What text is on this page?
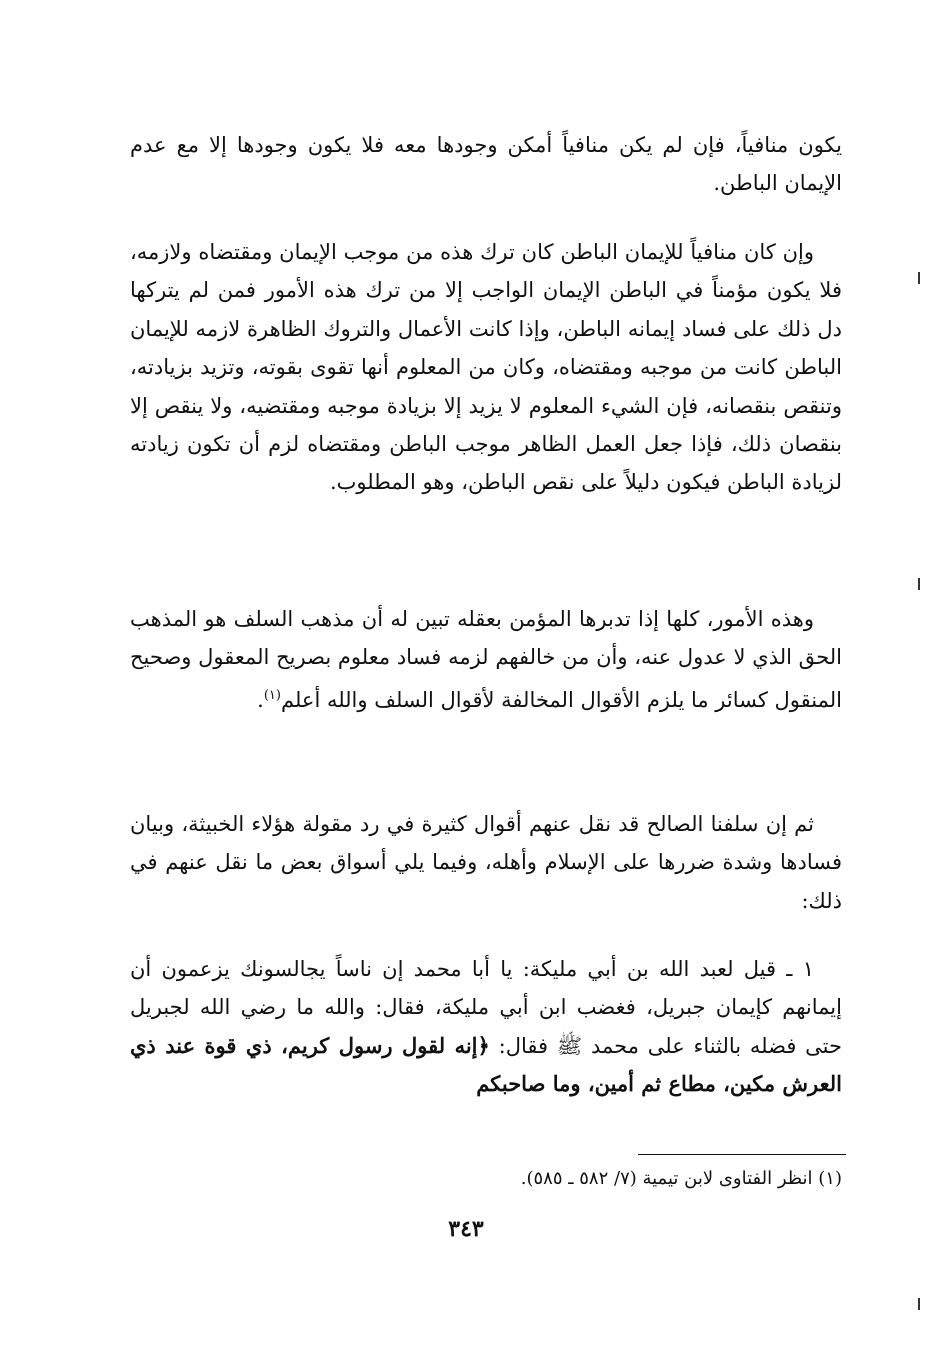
يكون منافياً، فإن لم يكن منافياً أمكن وجودها معه فلا يكون وجودها إلا مع عدم الإيمان الباطن.

وإن كان منافياً للإيمان الباطن كان ترك هذه من موجب الإيمان ومقتضاه ولازمه، فلا يكون مؤمناً في الباطن الإيمان الواجب إلا من ترك هذه الأمور فمن لم يتركها دل ذلك على فساد إيمانه الباطن، وإذا كانت الأعمال والتروك الظاهرة لازمه للإيمان الباطن كانت من موجبه ومقتضاه، وكان من المعلوم أنها تقوى بقوته، وتزيد بزيادته، وتنقص بنقصانه، فإن الشيء المعلوم لا يزيد إلا بزيادة موجبه ومقتضيه، ولا ينقص إلا بنقصان ذلك، فإذا جعل العمل الظاهر موجب الباطن ومقتضاه لزم أن تكون زيادته لزيادة الباطن فيكون دليلاً على نقص الباطن، وهو المطلوب.

وهذه الأمور، كلها إذا تدبرها المؤمن بعقله تبين له أن مذهب السلف هو المذهب الحق الذي لا عدول عنه، وأن من خالفهم لزمه فساد معلوم بصريح المعقول وصحيح المنقول كسائر ما يلزم الأقوال المخالفة لأقوال السلف والله أعلم$^{(١)}$.

ثم إن سلفنا الصالح قد نقل عنهم أقوال كثيرة في رد مقولة هؤلاء الخبيثة، وبيان فسادها وشدة ضررها على الإسلام وأهله، وفيما يلي أسواق بعض ما نقل عنهم في ذلك:

١ ـ قيل لعبد الله بن أبي مليكة: يا أبا محمد إن ناساً يجالسونك يزعمون أن إيمانهم كإيمان جبريل، فغضب ابن أبي مليكة، فقال: والله ما رضي الله لجبريل حتى فضله بالثناء على محمد ﷺ فقال: ﴿إنه لقول رسول كريم، ذي قوة عند ذي العرش مكين، مطاع ثم أمين، وما صاحبكم

(١) انظر الفتاوى لابن تيمية (٧/ ٥٨٢ ـ ٥٨٥).
٣٤٣
